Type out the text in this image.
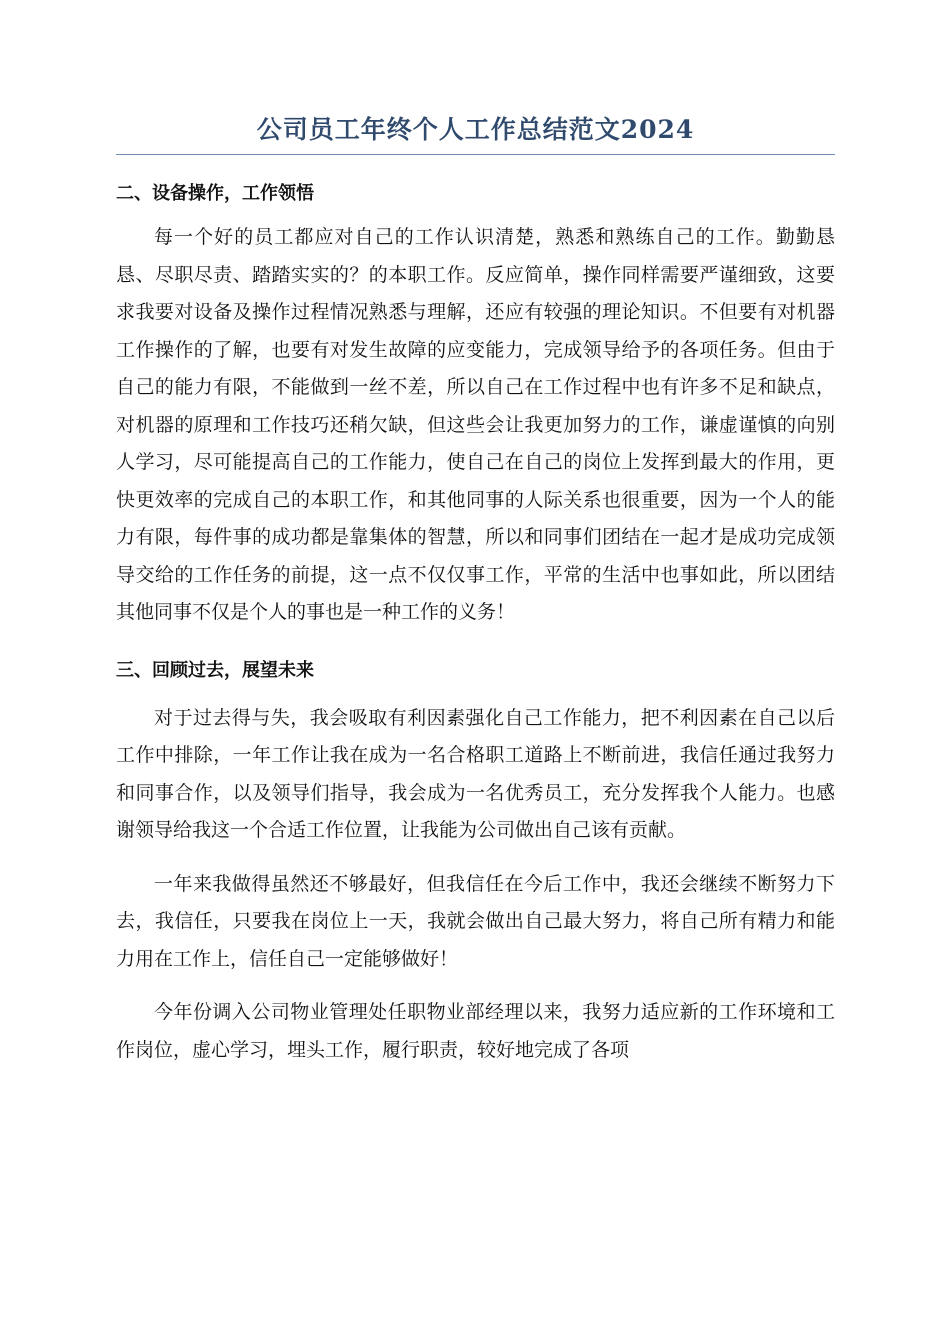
公司员工年终个人工作总结范文2024
二、设备操作，工作领悟

每一个好的员工都应对自己的工作认识清楚，熟悉和熟练自己的工作。勤勤恳恳、尽职尽责、踏踏实实的？的本职工作。反应简单，操作同样需要严谨细致，这要求我要对设备及操作过程情况熟悉与理解，还应有较强的理论知识。不但要有对机器工作操作的了解，也要有对发生故障的应变能力，完成领导给予的各项任务。但由于自己的能力有限，不能做到一丝不差，所以自己在工作过程中也有许多不足和缺点，对机器的原理和工作技巧还稍欠缺，但这些会让我更加努力的工作，谦虚谨慎的向别人学习，尽可能提高自己的工作能力，使自己在自己的岗位上发挥到最大的作用，更快更效率的完成自己的本职工作，和其他同事的人际关系也很重要，因为一个人的能力有限，每件事的成功都是靠集体的智慧，所以和同事们团结在一起才是成功完成领导交给的工作任务的前提，这一点不仅仅事工作，平常的生活中也事如此，所以团结其他同事不仅是个人的事也是一种工作的义务！

三、回顾过去，展望未来

对于过去得与失，我会吸取有利因素强化自己工作能力，把不利因素在自己以后工作中排除，一年工作让我在成为一名合格职工道路上不断前进，我信任通过我努力和同事合作，以及领导们指导，我会成为一名优秀员工，充分发挥我个人能力。也感谢领导给我这一个合适工作位置，让我能为公司做出自己该有贡献。

一年来我做得虽然还不够最好，但我信任在今后工作中，我还会继续不断努力下去，我信任，只要我在岗位上一天，我就会做出自己最大努力，将自己所有精力和能力用在工作上，信任自己一定能够做好！

今年份调入公司物业管理处任职物业部经理以来，我努力适应新的工作环境和工作岗位，虚心学习，埋头工作，履行职责，较好地完成了各项
